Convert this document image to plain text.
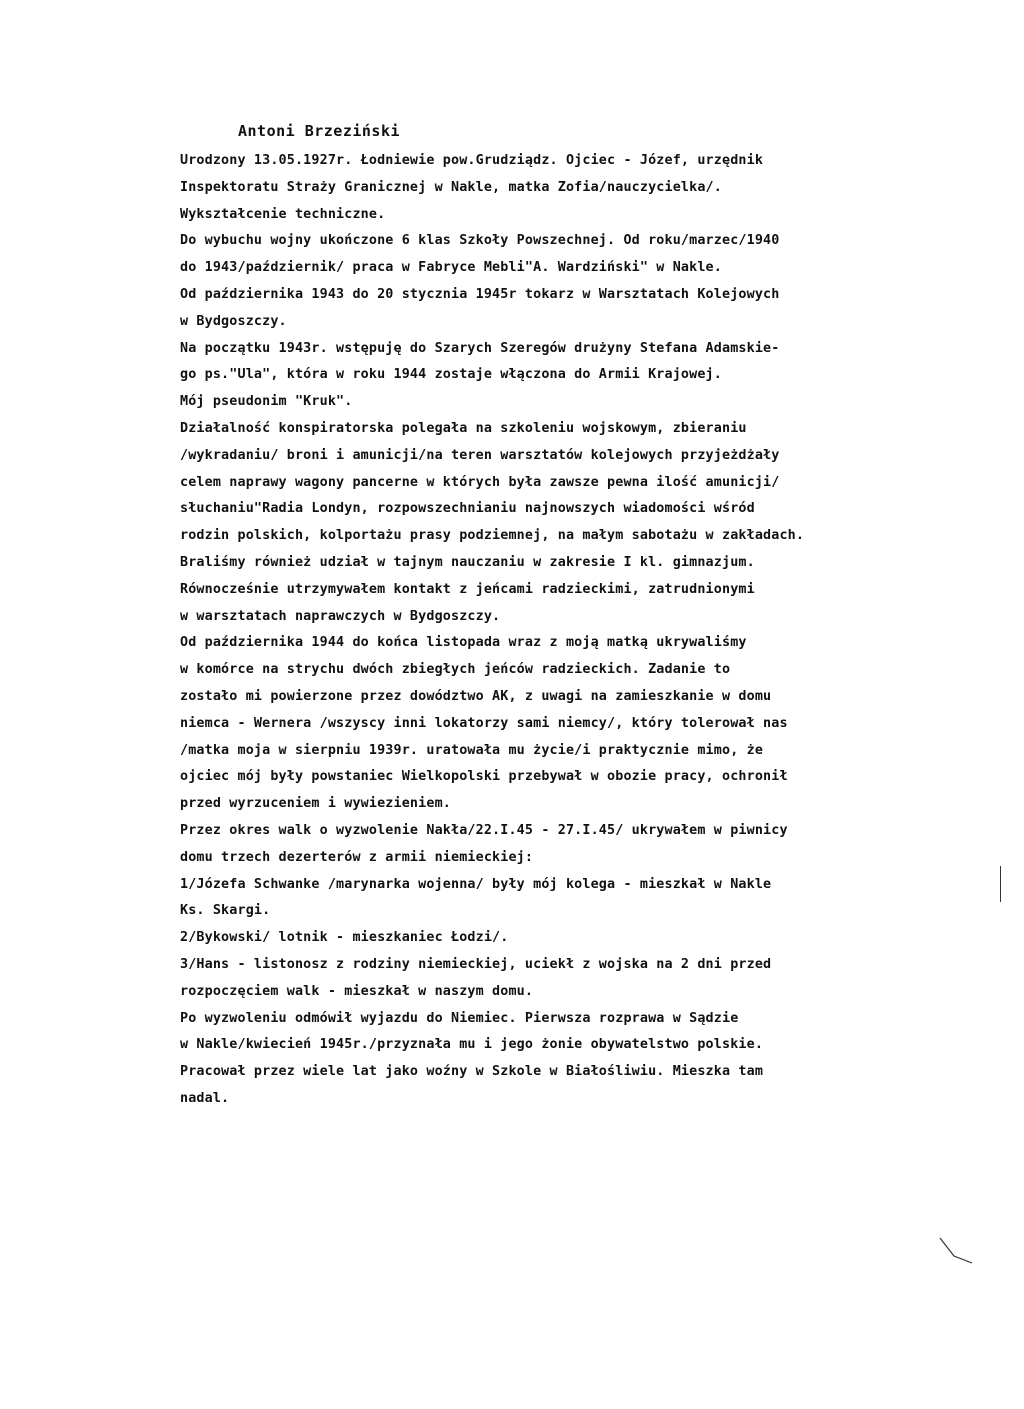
Antoni Brzeziński
Urodzony 13.05.1927r. Łodniewie pow.Grudziądz. Ojciec - Józef, urzędnik
Inspektoratu Straży Granicznej w Nakle, matka Zofia/nauczycielka/.
Wykształcenie techniczne.
Do wybuchu wojny ukończone 6 klas Szkoły Powszechnej. Od roku/marzec/1940
do 1943/październik/ praca w Fabryce Mebli"A. Wardziński" w Nakle.
Od października 1943 do 20 stycznia 1945r tokarz w Warsztatach Kolejowych
w Bydgoszczy.
Na początku 1943r. wstępuję do Szarych Szeregów drużyny Stefana Adamskie-
go ps."Ula", która w roku 1944 zostaje włączona do Armii Krajowej.
Mój pseudonim "Kruk".
Działalność konspiratorska polegała na szkoleniu wojskowym, zbieraniu
/wykradaniu/ broni i amunicji/na teren warsztatów kolejowych przyjeżdżały
celem naprawy wagony pancerne w których była zawsze pewna ilość amunicji/
słuchaniu"Radia Londyn, rozpowszechnianiu najnowszych wiadomości wśród
rodzin polskich, kolportażu prasy podziemnej, na małym sabotażu w zakładach.
Braliśmy również udział w tajnym nauczaniu w zakresie I kl. gimnazjum.
Równocześnie utrzymywałem kontakt z jeńcami radzieckimi, zatrudnionymi
w warsztatach naprawczych w Bydgoszczy.
Od października 1944 do końca listopada wraz z moją matką ukrywaliśmy
w komórce na strychu dwóch zbiegłych jeńców radzieckich. Zadanie to
zostało mi powierzone przez dowództwo AK, z uwagi na zamieszkanie w domu
niemca - Wernera /wszyscy inni lokatorzy sami niemcy/, który tolerował nas
/matka moja w sierpniu 1939r. uratowała mu życie/i praktycznie mimo, że
ojciec mój były powstaniec Wielkopolski przebywał w obozie pracy, ochronił
przed wyrzuceniem i wywiezieniem.
Przez okres walk o wyzwolenie Nakła/22.I.45 - 27.I.45/ ukrywałem w piwnicy
domu trzech dezerterów z armii niemieckiej:
1/Józefa Schwanke /marynarka wojenna/ były mój kolega - mieszkał w Nakle
Ks. Skargi.
2/Bykowski/ lotnik - mieszkaniec Łodzi/.
3/Hans - listonosz z rodziny niemieckiej, uciekł z wojska na 2 dni przed
rozpoczęciem walk - mieszkał w naszym domu.
Po wyzwoleniu odmówił wyjazdu do Niemiec. Pierwsza rozprawa w Sądzie
w Nakle/kwiecień 1945r./przyznała mu i jego żonie obywatelstwo polskie.
Pracował przez wiele lat jako woźny w Szkole w Białośliwiu. Mieszka tam
nadal.
